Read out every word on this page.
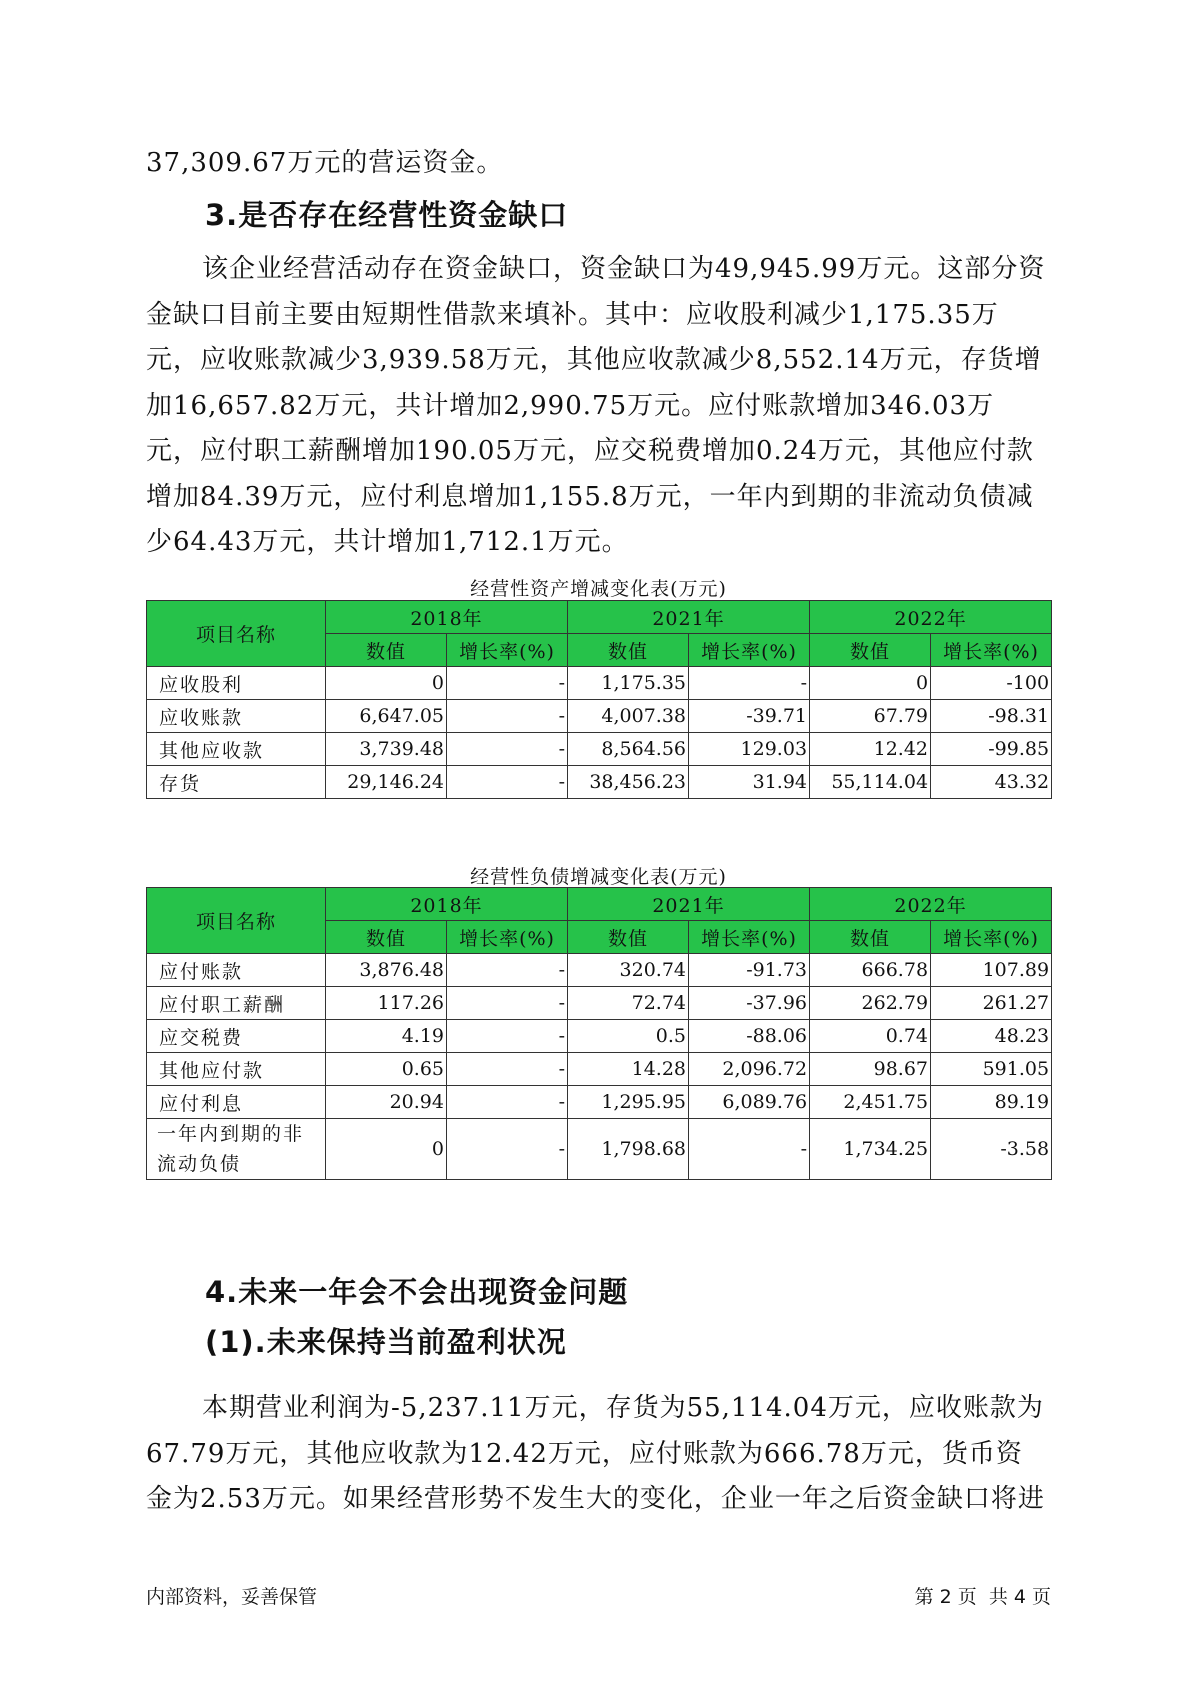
37,309.67万元的营运资金。
3.是否存在经营性资金缺口
该企业经营活动存在资金缺口，资金缺口为49,945.99万元。这部分资金缺口目前主要由短期性借款来填补。其中：应收股利减少1,175.35万元，应收账款减少3,939.58万元，其他应收款减少8,552.14万元，存货增加16,657.82万元，共计增加2,990.75万元。应付账款增加346.03万元，应付职工薪酬增加190.05万元，应交税费增加0.24万元，其他应付款增加84.39万元，应付利息增加1,155.8万元，一年内到期的非流动负债减少64.43万元，共计增加1,712.1万元。
经营性资产增减变化表(万元)
项目名称	2018年		2021年		2022年	
	数值	增长率(%)	数值	增长率(%)	数值	增长率(%)
应收股利	0	-	1,175.35	-	0	-100
应收账款	6,647.05	-	4,007.38	-39.71	67.79	-98.31
其他应收款	3,739.48	-	8,564.56	129.03	12.42	-99.85
存货	29,146.24	-	38,456.23	31.94	55,114.04	43.32
经营性负债增减变化表(万元)
项目名称	2018年		2021年		2022年	
	数值	增长率(%)	数值	增长率(%)	数值	增长率(%)
应付账款	3,876.48	-	320.74	-91.73	666.78	107.89
应付职工薪酬	117.26	-	72.74	-37.96	262.79	261.27
应交税费	4.19	-	0.5	-88.06	0.74	48.23
其他应付款	0.65	-	14.28	2,096.72	98.67	591.05
应付利息	20.94	-	1,295.95	6,089.76	2,451.75	89.19
一年内到期的非流动负债	0	-	1,798.68	-	1,734.25	-3.58
4.未来一年会不会出现资金问题
(1).未来保持当前盈利状况
本期营业利润为-5,237.11万元，存货为55,114.04万元，应收账款为67.79万元，其他应收款为12.42万元，应付账款为666.78万元，货币资金为2.53万元。如果经营形势不发生大的变化，企业一年之后资金缺口将进
内部资料，妥善保管	第 2 页  共 4 页
